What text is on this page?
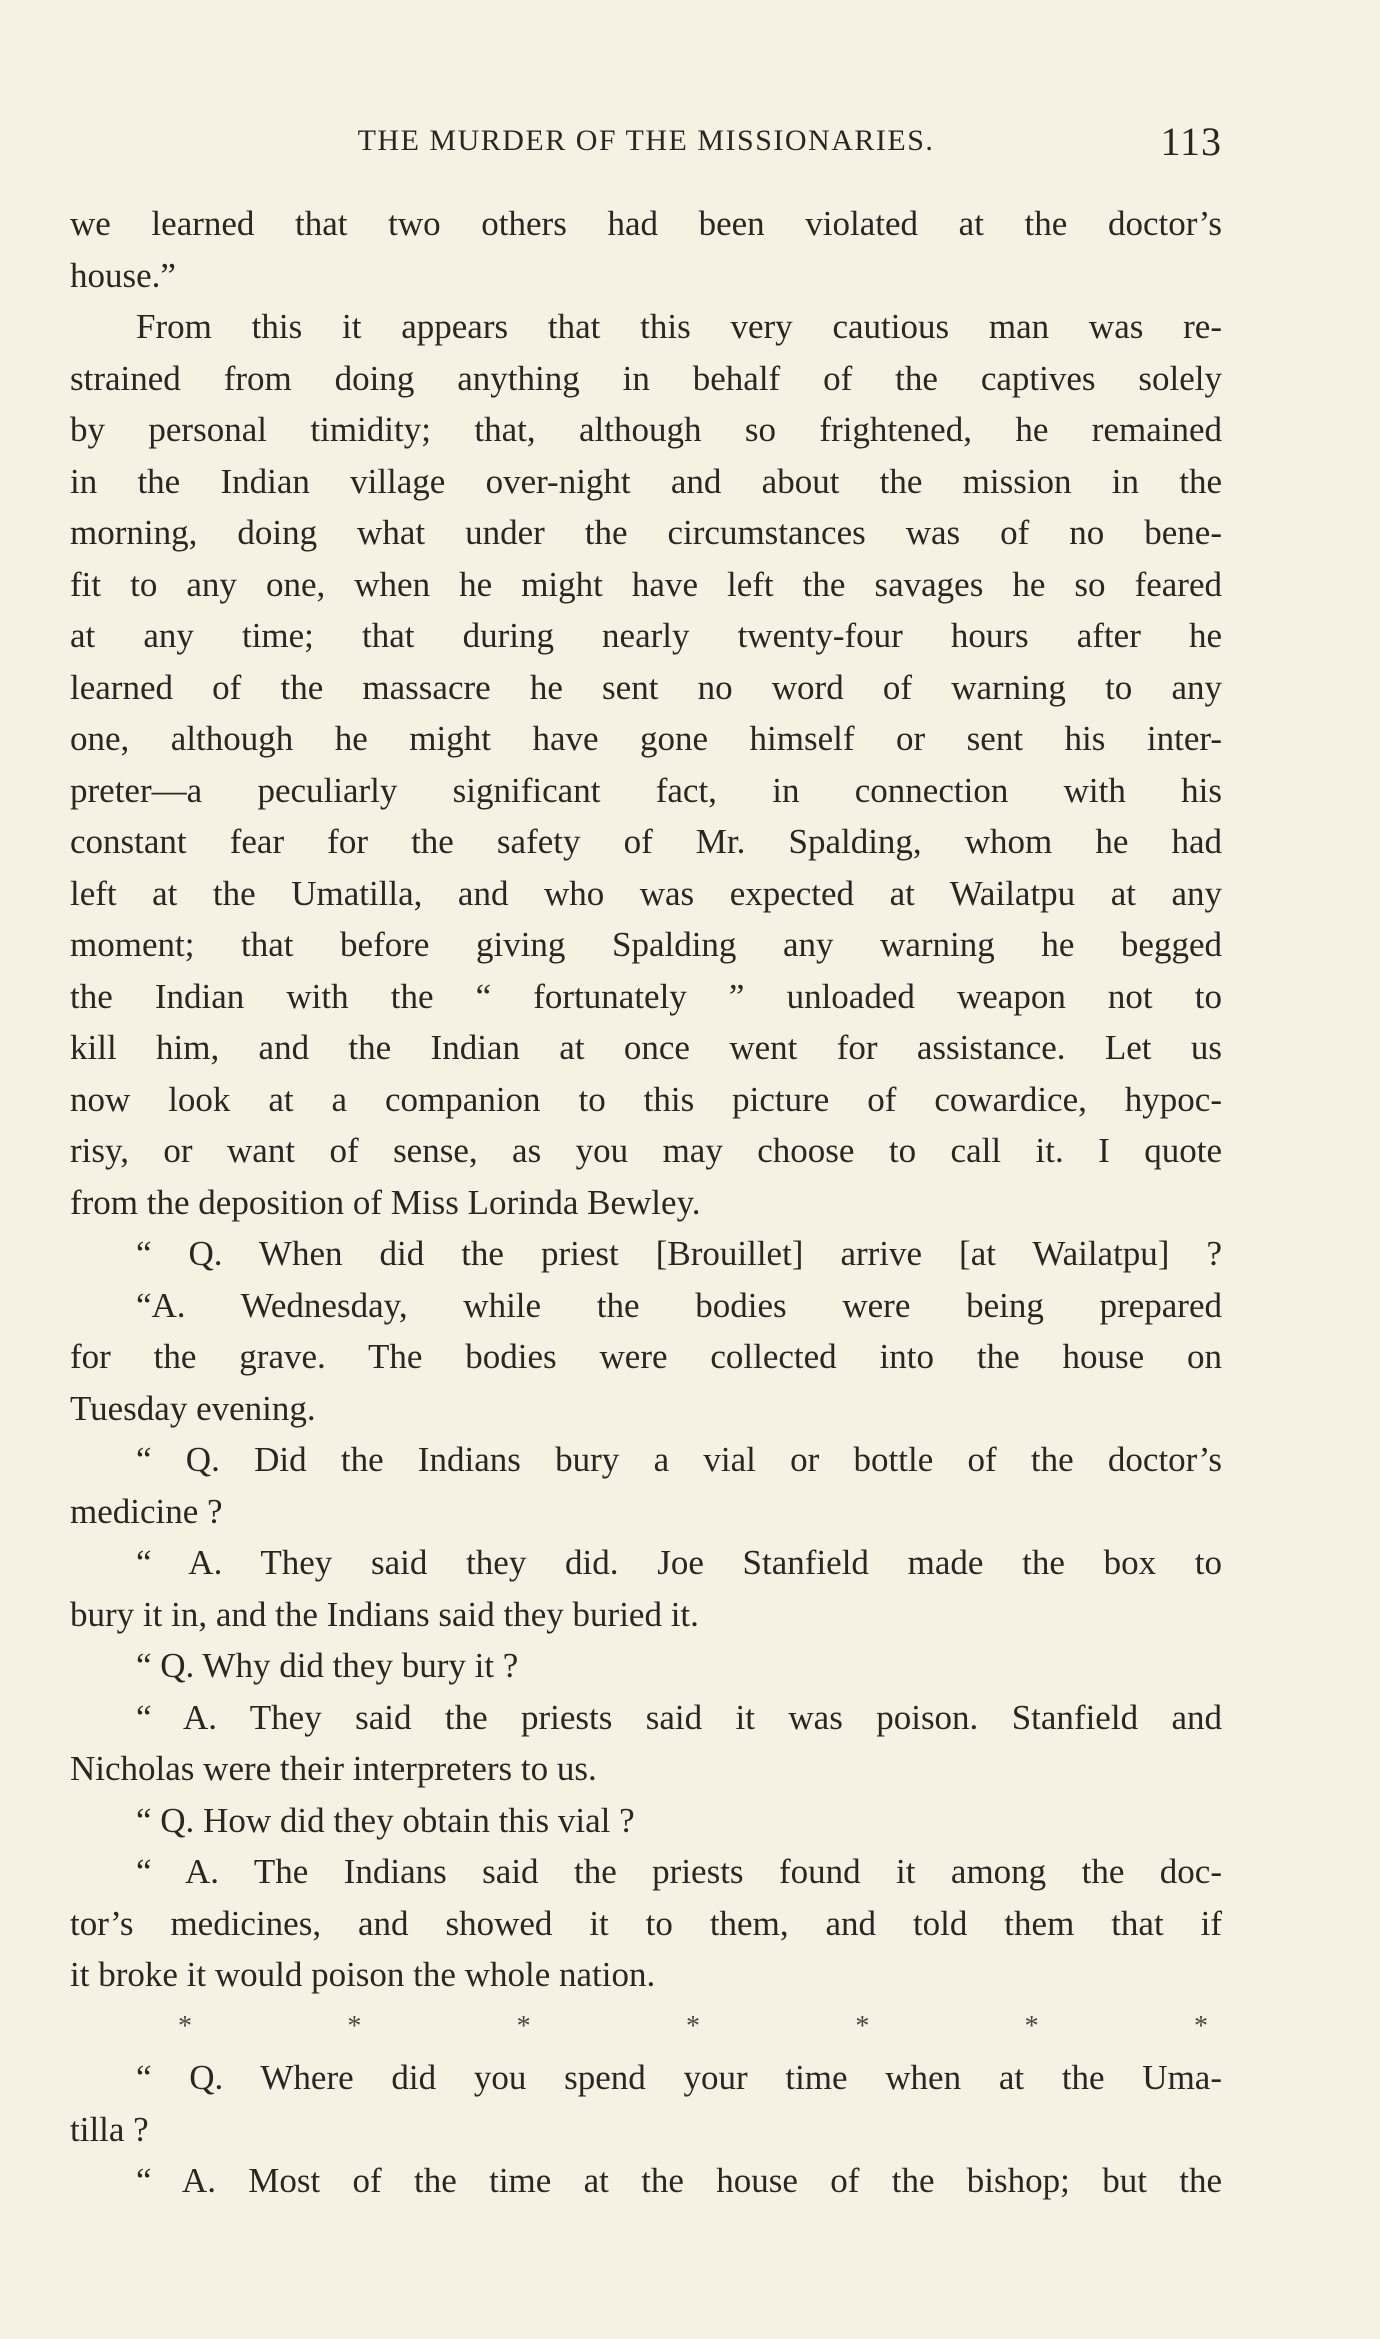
THE MURDER OF THE MISSIONARIES.	113
we learned that two others had been violated at the doctor’s
house.”
From this it appears that this very cautious man was re-
strained from doing anything in behalf of the captives solely
by personal timidity; that, although so frightened, he remained
in the Indian village over-night and about the mission in the
morning, doing what under the circumstances was of no bene-
fit to any one, when he might have left the savages he so feared
at any time; that during nearly twenty-four hours after he
learned of the massacre he sent no word of warning to any
one, although he might have gone himself or sent his inter-
preter—a peculiarly significant fact, in connection with his
constant fear for the safety of Mr. Spalding, whom he had
left at the Umatilla, and who was expected at Wailatpu at any
moment; that before giving Spalding any warning he begged
the Indian with the “ fortunately ” unloaded weapon not to
kill him, and the Indian at once went for assistance. Let us
now look at a companion to this picture of cowardice, hypoc-
risy, or want of sense, as you may choose to call it. I quote
from the deposition of Miss Lorinda Bewley.
“ Q. When did the priest [Brouillet] arrive [at Wailatpu] ?
“A. Wednesday, while the bodies were being prepared
for the grave. The bodies were collected into the house on
Tuesday evening.
“ Q. Did the Indians bury a vial or bottle of the doctor’s
medicine ?
“ A. They said they did. Joe Stanfield made the box to
bury it in, and the Indians said they buried it.
“ Q. Why did they bury it ?
“ A. They said the priests said it was poison. Stanfield and
Nicholas were their interpreters to us.
“ Q. How did they obtain this vial ?
“ A. The Indians said the priests found it among the doc-
tor’s medicines, and showed it to them, and told them that if
it broke it would poison the whole nation.
* * * * * * *
“ Q. Where did you spend your time when at the Uma-
tilla ?
“ A. Most of the time at the house of the bishop; but the
